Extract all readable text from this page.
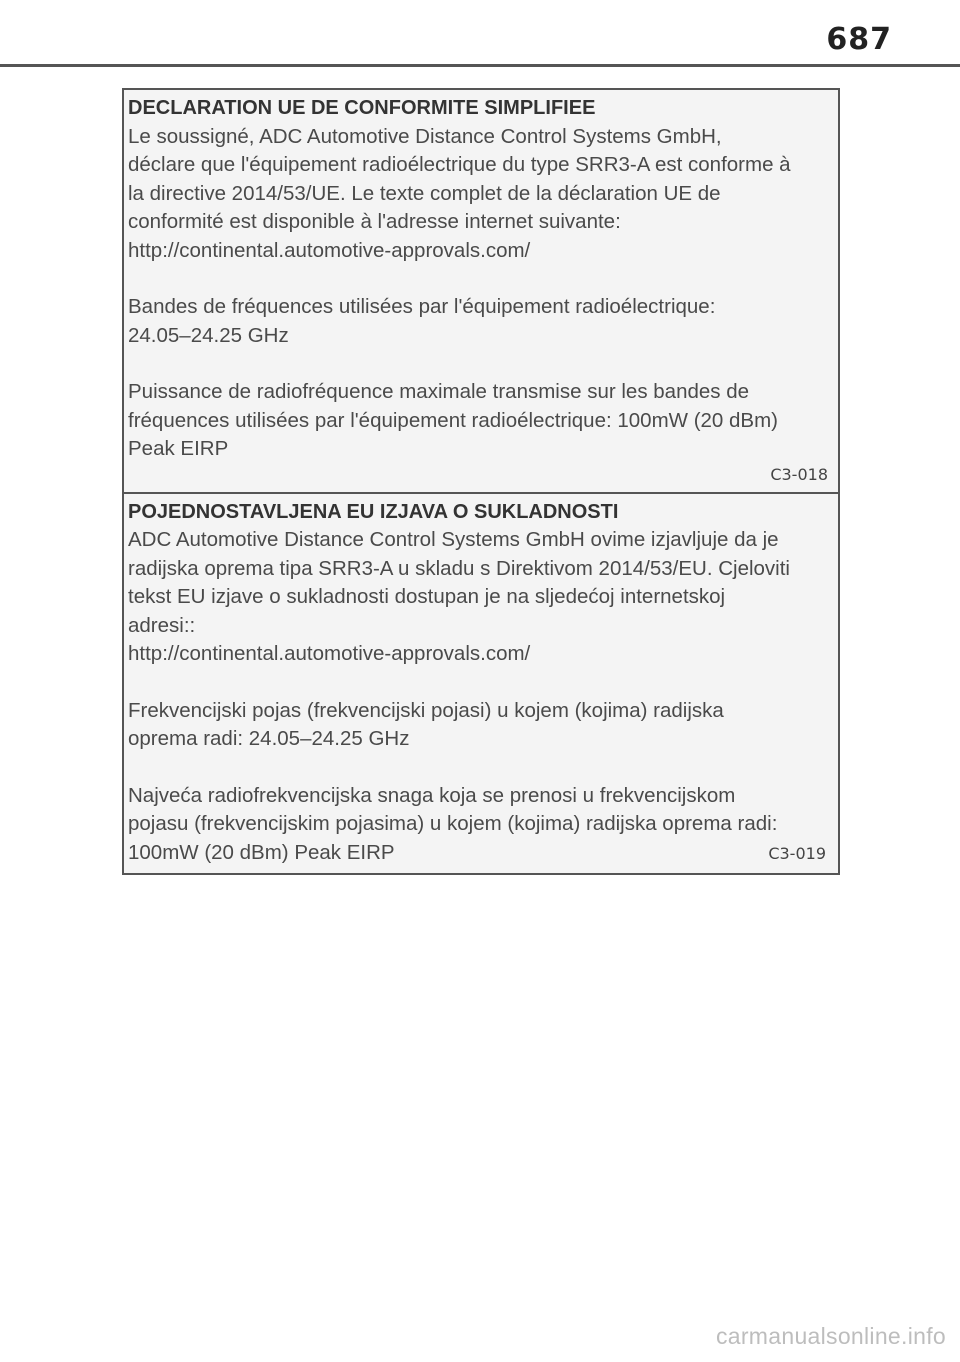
687
DECLARATION UE DE CONFORMITE SIMPLIFIEE
Le soussigné, ADC Automotive Distance Control Systems GmbH,
déclare que l'équipement radioélectrique du type SRR3-A est conforme à
la directive 2014/53/UE. Le texte complet de la déclaration UE de
conformité est disponible à l'adresse internet suivante:
http://continental.automotive-approvals.com/
Bandes de fréquences utilisées par l'équipement radioélectrique:
24.05–24.25 GHz
Puissance de radiofréquence maximale transmise sur les bandes de
fréquences utilisées par l'équipement radioélectrique: 100mW (20 dBm)
Peak EIRP
C3-018
POJEDNOSTAVLJENA EU IZJAVA O SUKLADNOSTI
ADC Automotive Distance Control Systems GmbH ovime izjavljuje da je
radijska oprema tipa SRR3-A u skladu s Direktivom 2014/53/EU. Cjeloviti
tekst EU izjave o sukladnosti dostupan je na sljedećoj internetskoj
adresi::
http://continental.automotive-approvals.com/
Frekvencijski pojas (frekvencijski pojasi) u kojem (kojima) radijska
oprema radi: 24.05–24.25 GHz
Najveća radiofrekvencijska snaga koja se prenosi u frekvencijskom
pojasu (frekvencijskim pojasima) u kojem (kojima) radijska oprema radi:
100mW (20 dBm) Peak EIRP	C3-019
carmanualsonline.info
